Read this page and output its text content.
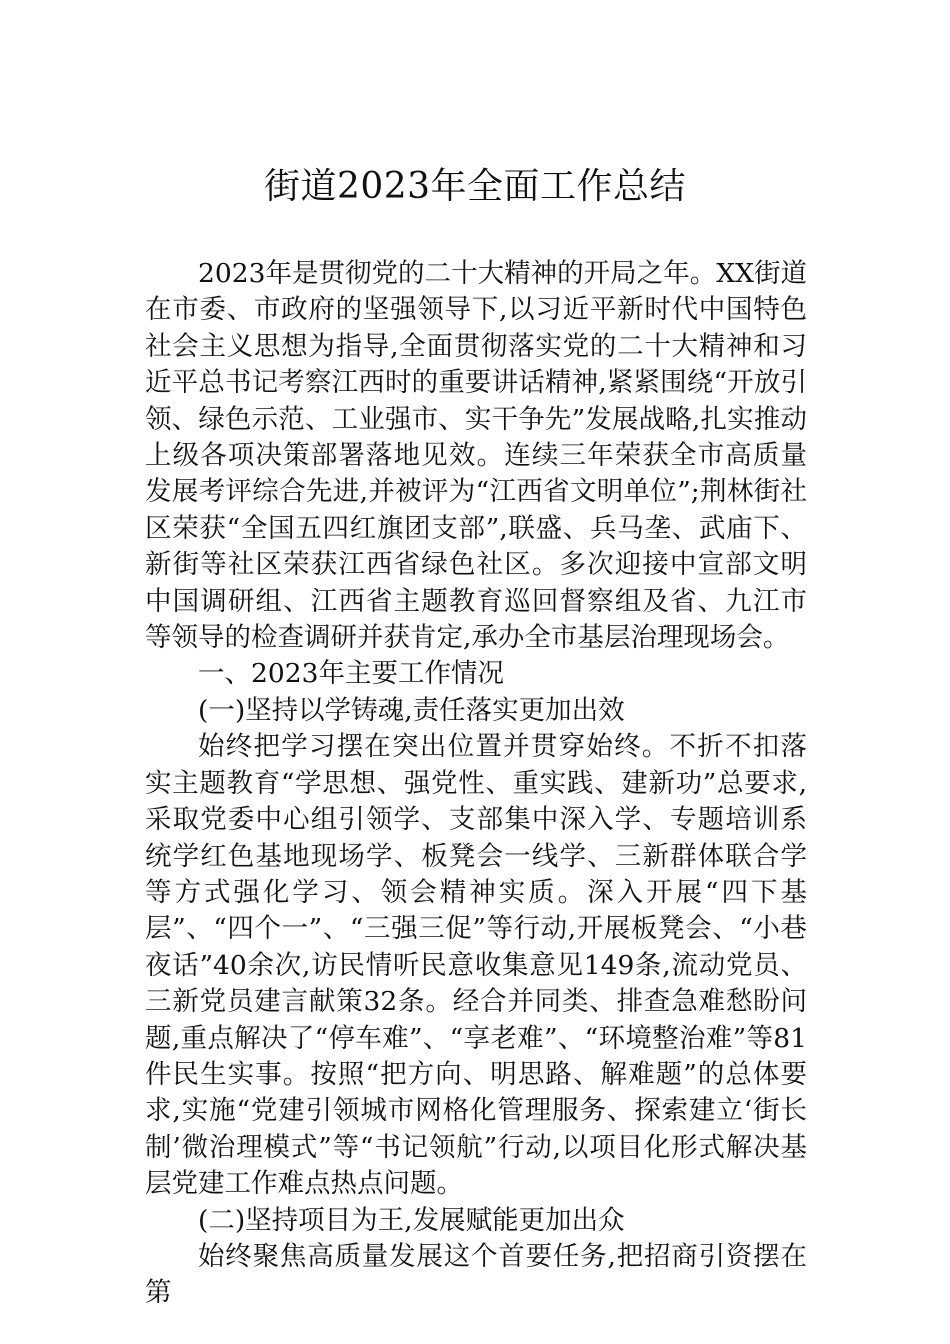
街道2023年全面工作总结

2023年是贯彻党的二十大精神的开局之年。XX街道在市委、市政府的坚强领导下,以习近平新时代中国特色社会主义思想为指导,全面贯彻落实党的二十大精神和习近平总书记考察江西时的重要讲话精神,紧紧围绕“开放引领、绿色示范、工业强市、实干争先”发展战略,扎实推动上级各项决策部署落地见效。连续三年荣获全市高质量发展考评综合先进,并被评为“江西省文明单位”;荆林街社区荣获“全国五四红旗团支部”,联盛、兵马垄、武庙下、新街等社区荣获江西省绿色社区。多次迎接中宣部文明中国调研组、江西省主题教育巡回督察组及省、九江市等领导的检查调研并获肯定,承办全市基层治理现场会。

一、2023年主要工作情况

(一)坚持以学铸魂,责任落实更加出效

始终把学习摆在突出位置并贯穿始终。不折不扣落实主题教育“学思想、强党性、重实践、建新功”总要求,采取党委中心组引领学、支部集中深入学、专题培训系统学红色基地现场学、板凳会一线学、三新群体联合学等方式强化学习、领会精神实质。深入开展“四下基层”、“四个一”、“三强三促”等行动,开展板凳会、“小巷夜话”40余次,访民情听民意收集意见149条,流动党员、三新党员建言献策32条。经合并同类、排查急难愁盼问题,重点解决了“停车难”、“享老难”、“环境整治难”等81件民生实事。按照“把方向、明思路、解难题”的总体要求,实施“党建引领城市网格化管理服务、探索建立‘街长制’微治理模式”等“书记领航”行动,以项目化形式解决基层党建工作难点热点问题。

(二)坚持项目为王,发展赋能更加出众

始终聚焦高质量发展这个首要任务,把招商引资摆在第
